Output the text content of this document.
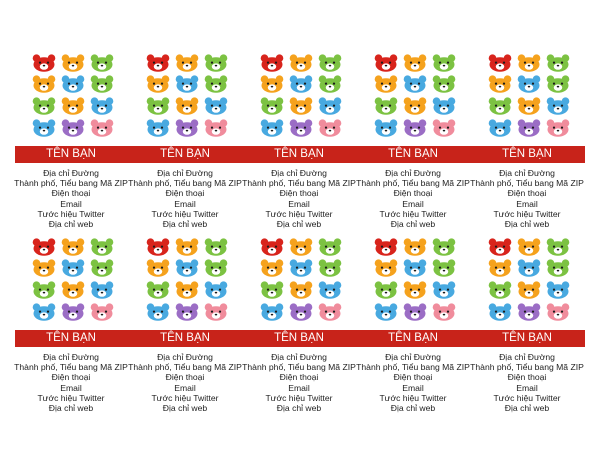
TÊN BẠN
Địa chỉ Đường
Thành phố, Tiểu bang Mã ZIP
Điện thoại
Email
Tước hiệu Twitter
Địa chỉ web
TÊN BẠN
Địa chỉ Đường
Thành phố, Tiểu bang Mã ZIP
Điện thoại
Email
Tước hiệu Twitter
Địa chỉ web
TÊN BẠN
Địa chỉ Đường
Thành phố, Tiểu bang Mã ZIP
Điện thoại
Email
Tước hiệu Twitter
Địa chỉ web
TÊN BẠN
Địa chỉ Đường
Thành phố, Tiểu bang Mã ZIP
Điện thoại
Email
Tước hiệu Twitter
Địa chỉ web
TÊN BẠN
Địa chỉ Đường
Thành phố, Tiểu bang Mã ZIP
Điện thoại
Email
Tước hiệu Twitter
Địa chỉ web
TÊN BẠN
Địa chỉ Đường
Thành phố, Tiểu bang Mã ZIP
Điện thoại
Email
Tước hiệu Twitter
Địa chỉ web
TÊN BẠN
Địa chỉ Đường
Thành phố, Tiểu bang Mã ZIP
Điện thoại
Email
Tước hiệu Twitter
Địa chỉ web
TÊN BẠN
Địa chỉ Đường
Thành phố, Tiểu bang Mã ZIP
Điện thoại
Email
Tước hiệu Twitter
Địa chỉ web
TÊN BẠN
Địa chỉ Đường
Thành phố, Tiểu bang Mã ZIP
Điện thoại
Email
Tước hiệu Twitter
Địa chỉ web
TÊN BẠN
Địa chỉ Đường
Thành phố, Tiểu bang Mã ZIP
Điện thoại
Email
Tước hiệu Twitter
Địa chỉ web
